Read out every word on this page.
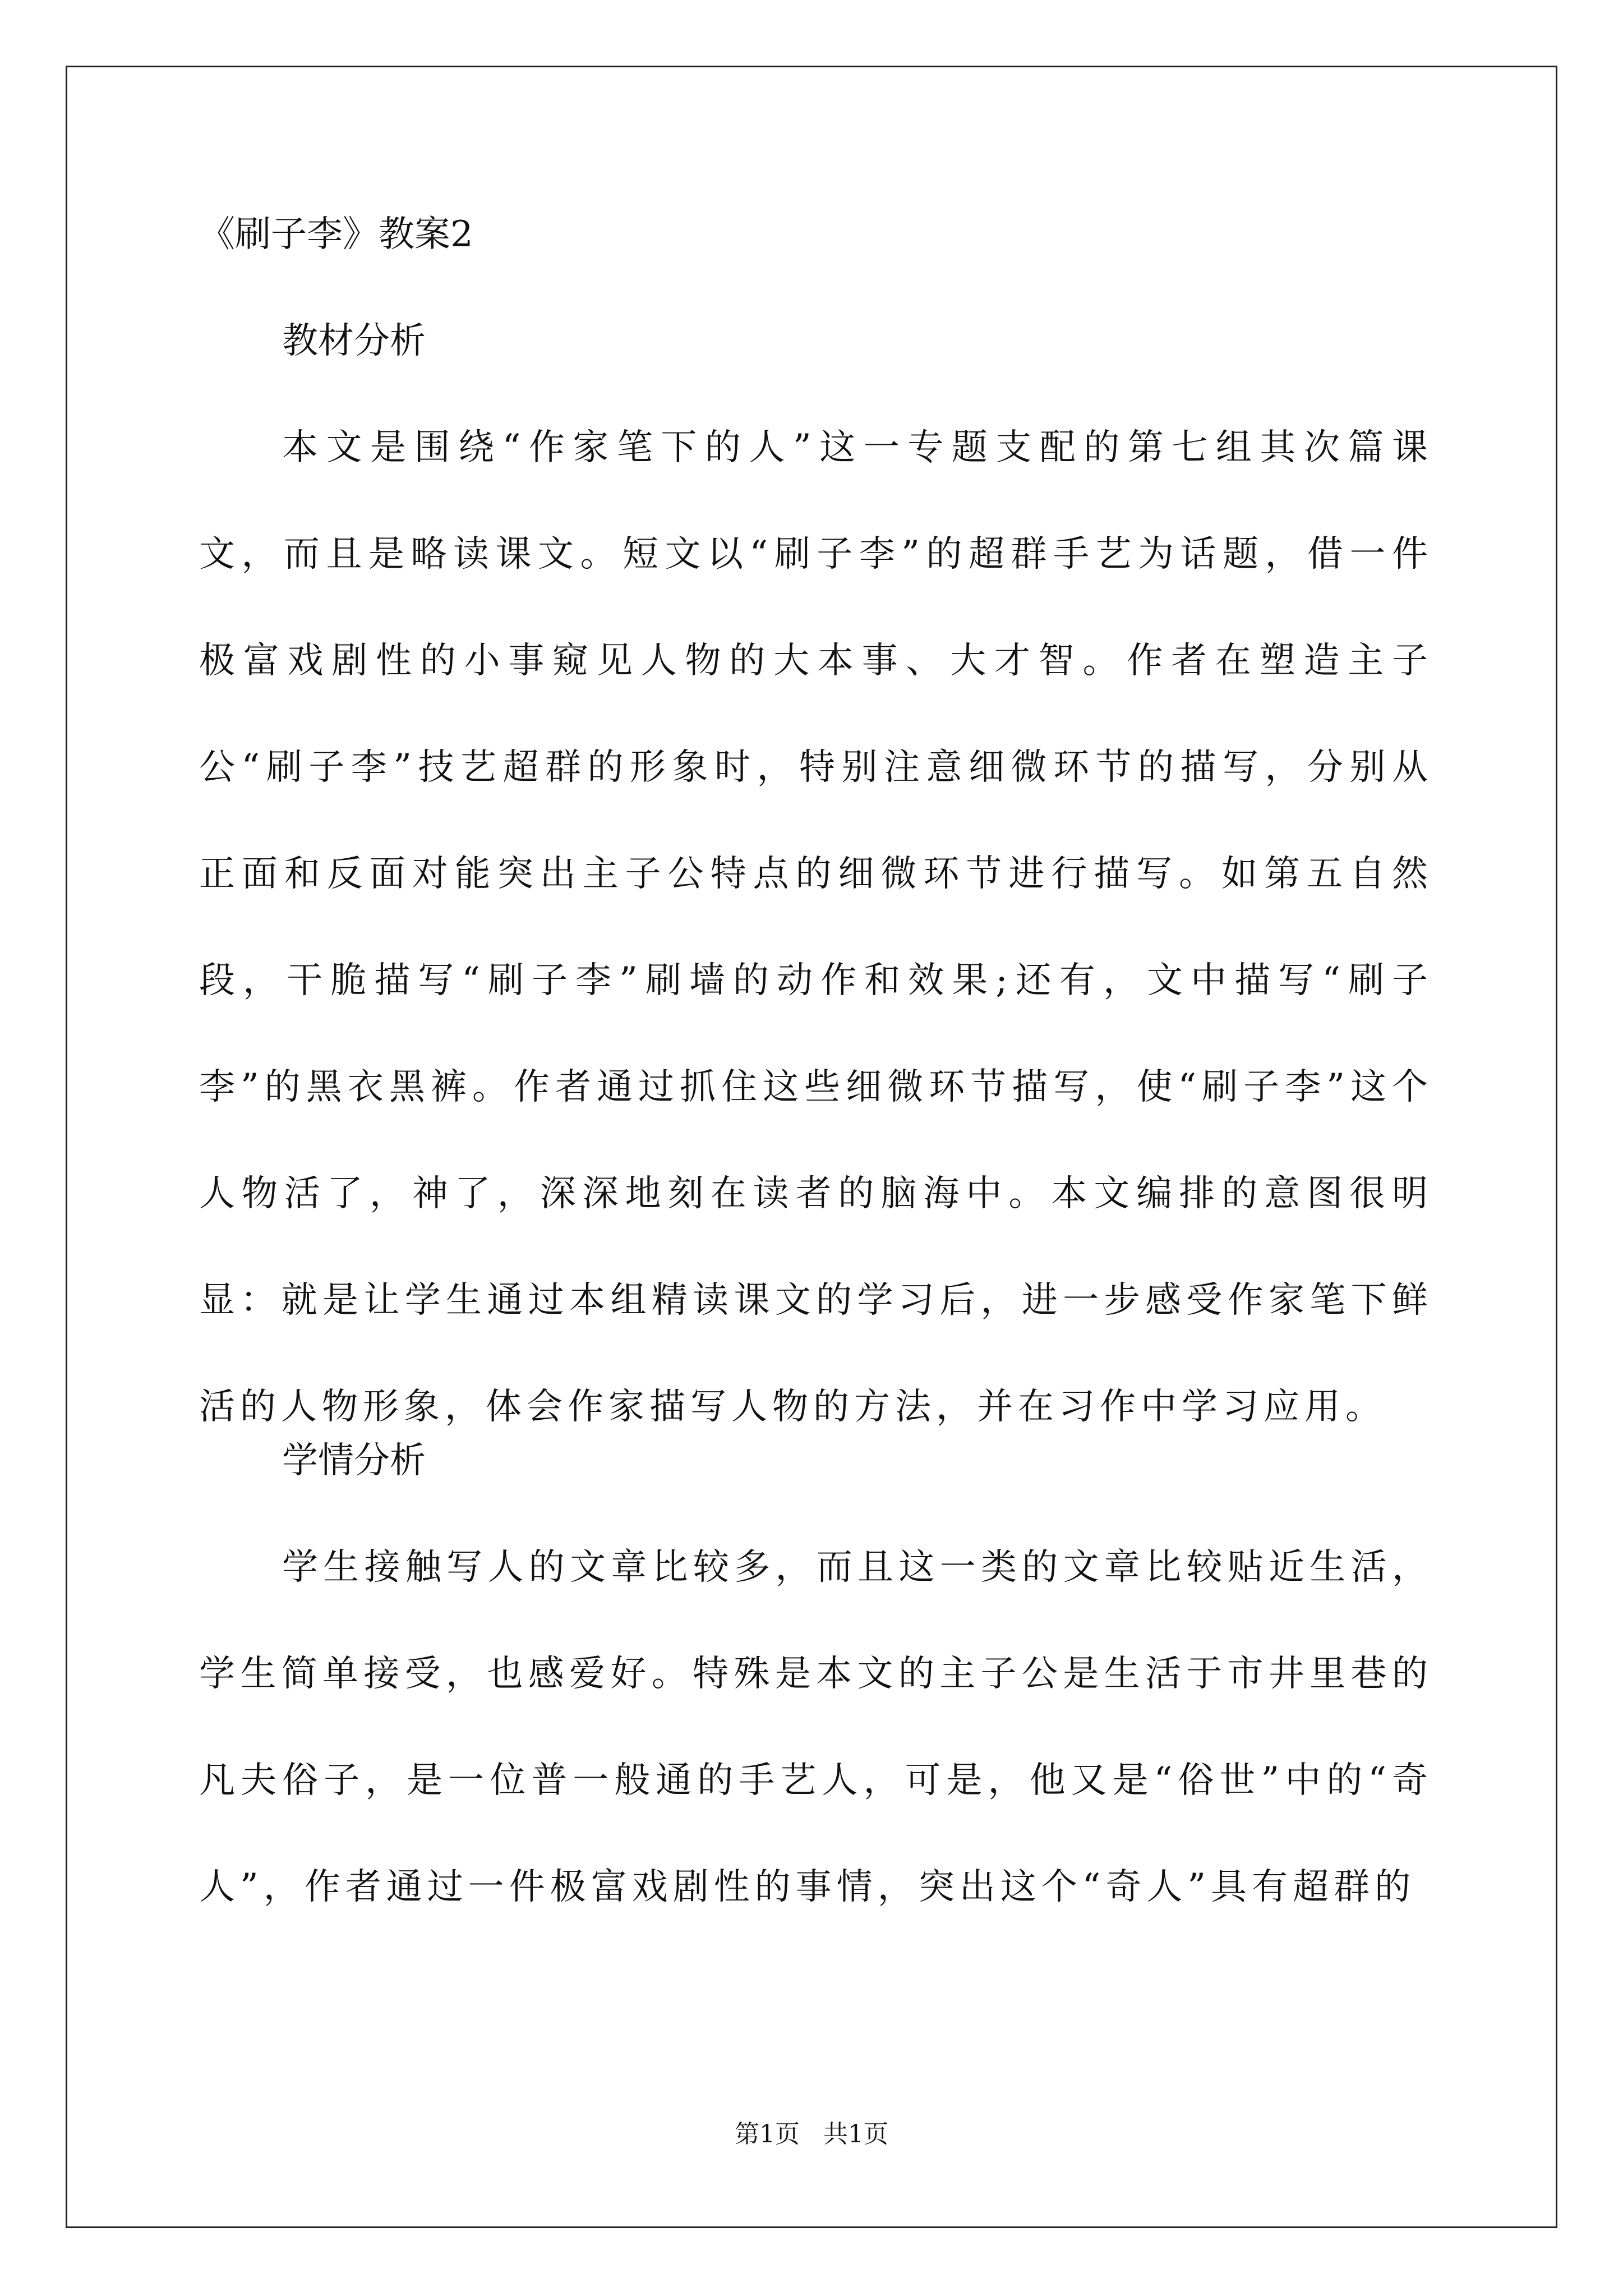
《刷子李》教案2
教材分析
本文是围绕“作家笔下的人”这一专题支配的第七组其次篇课文，而且是略读课文。短文以“刷子李”的超群手艺为话题，借一件极富戏剧性的小事窥见人物的大本事、大才智。作者在塑造主子公“刷子李”技艺超群的形象时，特别注意细微环节的描写，分别从正面和反面对能突出主子公特点的细微环节进行描写。如第五自然段，干脆描写“刷子李”刷墙的动作和效果;还有，文中描写“刷子李”的黑衣黑裤。作者通过抓住这些细微环节描写，使“刷子李”这个人物活了，神了，深深地刻在读者的脑海中。本文编排的意图很明显：就是让学生通过本组精读课文的学习后，进一步感受作家笔下鲜活的人物形象，体会作家描写人物的方法，并在习作中学习应用。
学情分析
学生接触写人的文章比较多，而且这一类的文章比较贴近生活，学生简单接受，也感爱好。特殊是本文的主子公是生活于市井里巷的凡夫俗子，是一位普一般通的手艺人，可是，他又是“俗世”中的“奇人”，作者通过一件极富戏剧性的事情，突出这个“奇人”具有超群的
第1页   共1页
